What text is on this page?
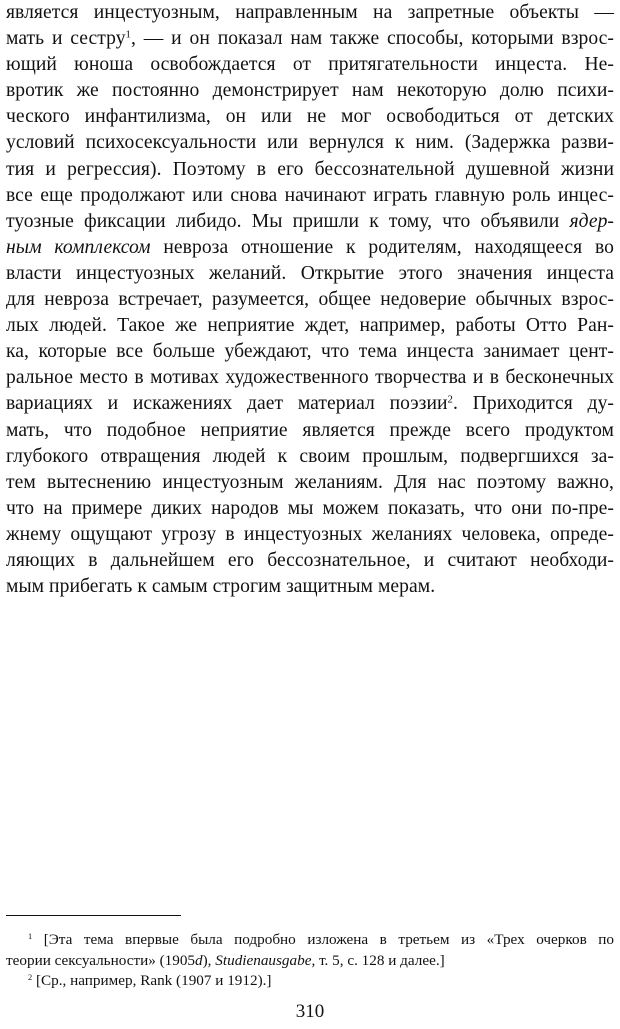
является инцестуозным, направленным на запретные объекты —
мать и сестру$^1$, — и он показал нам также способы, которыми взрос-
ющий юноша освобождается от притягательности инцеста. Не-
вротик же постоянно демонстрирует нам некоторую долю психи-
ческого инфантилизма, он или не мог освободиться от детских
условий психосексуальности или вернулся к ним. (Задержка разви-
тия и регрессия). Поэтому в его бессознательной душевной жизни
все еще продолжают или снова начинают играть главную роль инцес-
туозные фиксации либидо. Мы пришли к тому, что объявили ядер-
ным комплексом невроза отношение к родителям, находящееся во
власти инцестуозных желаний. Открытие этого значения инцеста
для невроза встречает, разумеется, общее недоверие обычных взрос-
лых людей. Такое же неприятие ждет, например, работы Отто Ран-
ка, которые все больше убеждают, что тема инцеста занимает цент-
ральное место в мотивах художественного творчества и в бесконечных
вариациях и искажениях дает материал поэзии$^2$. Приходится ду-
мать, что подобное неприятие является прежде всего продуктом
глубокого отвращения людей к своим прошлым, подвергшихся за-
тем вытеснению инцестуозным желаниям. Для нас поэтому важно,
что на примере диких народов мы можем показать, что они по-пре-
жнему ощущают угрозу в инцестуозных желаниях человека, опреде-
ляющих в дальнейшем его бессознательное, и считают необходи-
мым прибегать к самым строгим защитным мерам.
$^1$ [Эта тема впервые была подробно изложена в третьем из «Трех очерков по
теории сексуальности» (1905d), Studienausgabe, т. 5, с. 128 и далее.]
$^2$ [Ср., например, Rank (1907 и 1912).]
310
